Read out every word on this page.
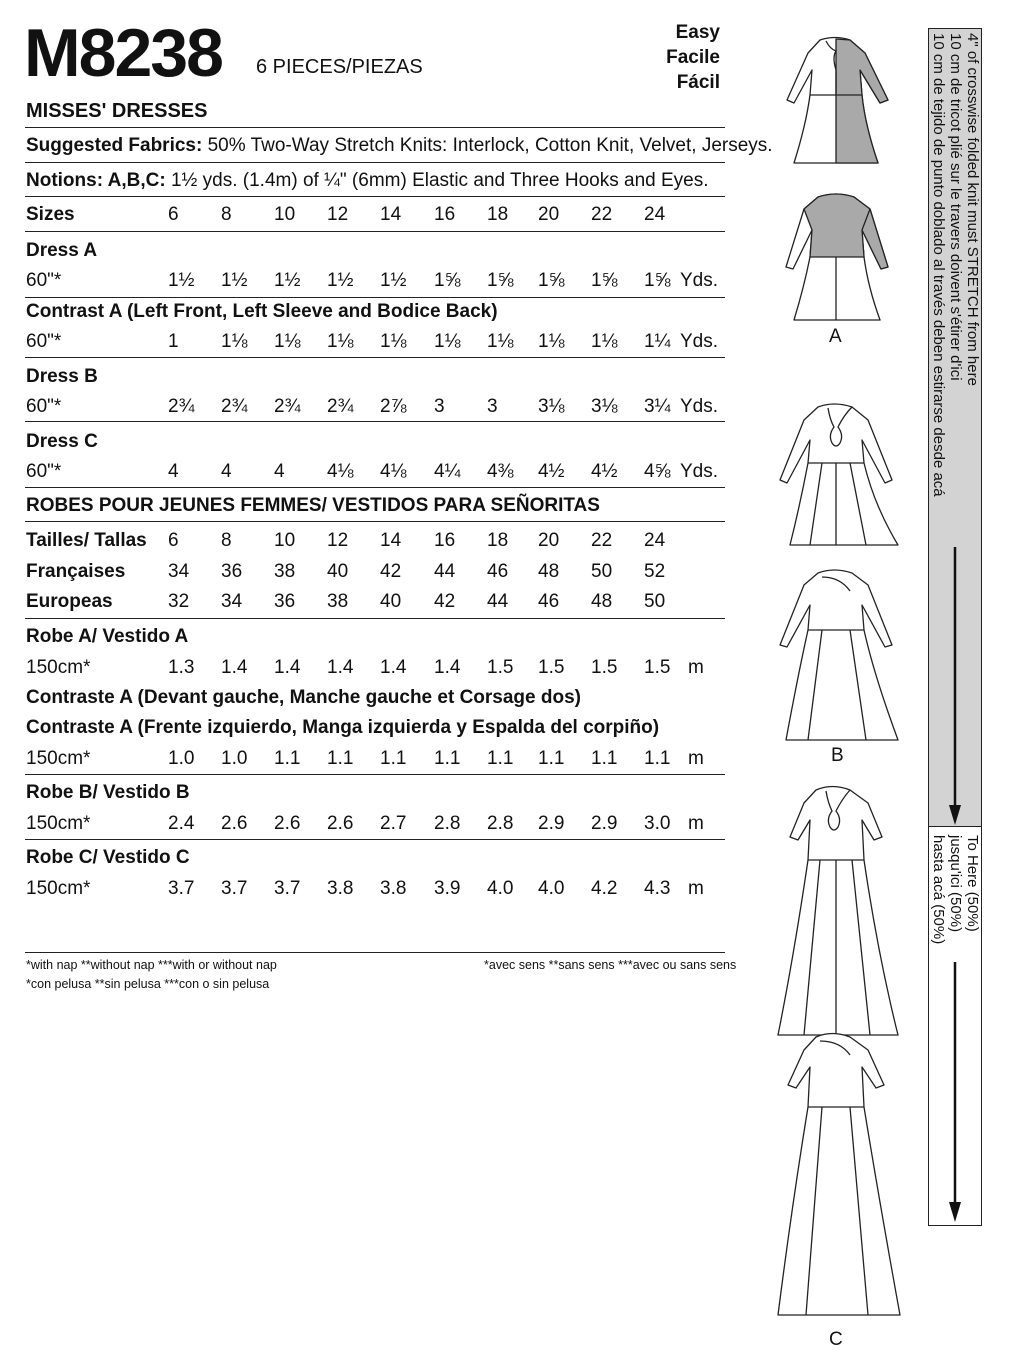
M8238 6 PIECES/PIEZAS
Easy
Facile
Fácil
MISSES' DRESSES
Suggested Fabrics: 50% Two-Way Stretch Knits: Interlock, Cotton Knit, Velvet, Jerseys.
Notions: A,B,C: 1½ yds. (1.4m) of ¼" (6mm) Elastic and Three Hooks and Eyes.
Sizes	6 8 10 12 14 16 18 20 22 24
Dress A
60"*	1½ 1½ 1½ 1½ 1½ 1⅝ 1⅝ 1⅝ 1⅝ 1⅝ Yds.
Contrast A (Left Front, Left Sleeve and Bodice Back)
60"*	1 1⅛ 1⅛ 1⅛ 1⅛ 1⅛ 1⅛ 1⅛ 1⅛ 1¼ Yds.
Dress B
60"*	2¾ 2¾ 2¾ 2¾ 2⅞ 3 3 3⅛ 3⅛ 3¼ Yds.
Dress C
60"*	4 4 4 4⅛ 4⅛ 4¼ 4⅜ 4½ 4½ 4⅝ Yds.
ROBES POUR JEUNES FEMMES/ VESTIDOS PARA SEÑORITAS
Tailles/ Tallas 6 8 10 12 14 16 18 20 22 24
Françaises 34 36 38 40 42 44 46 48 50 52
Europeas	32 34 36 38 40 42 44 46 48 50
Robe A/ Vestido A
150cm*	1.3 1.4 1.4 1.4 1.4 1.4 1.5 1.5 1.5 1.5 m
Contraste A (Devant gauche, Manche gauche et Corsage dos)
Contraste A (Frente izquierdo, Manga izquierda y Espalda del corpiño)
150cm*	1.0 1.0 1.1 1.1 1.1 1.1 1.1 1.1 1.1 1.1 m
Robe B/ Vestido B
150cm*	2.4 2.6 2.6 2.6 2.7 2.8 2.8 2.9 2.9 3.0 m
Robe C/ Vestido C
150cm*	3.7 3.7 3.7 3.8 3.8 3.9 4.0 4.0 4.2 4.3 m
*with nap **without nap ***with or without nap
*con pelusa **sin pelusa ***con o sin pelusa
*avec sens **sans sens ***avec ou sans sens
A
B
C
4" of crosswise folded knit must STRETCH from here
10 cm de tricot plié sur le travers doivent s'étirer d'ici
10 cm de tejido de punto doblado al través deben estirarse desde acá
To Here (50%)
jusqu'ici (50%)
hasta acá (50%)
